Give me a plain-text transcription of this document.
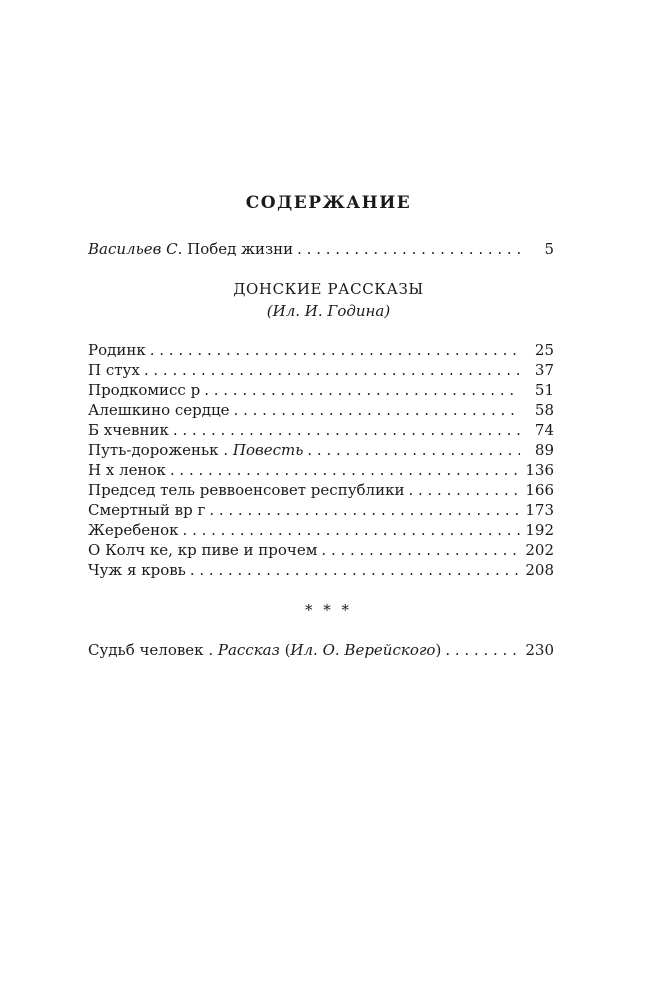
СОДЕРЖАНИЕ
Васильев С. Побед жизни . . .	5
ДОНСКИЕ РАССКАЗЫ
(Ил. И. Година)
Родинк . . .	25
П стух . . .	37
Продкомисс р . . .	51
Алешкино сердце . . .	58
Б хчевник . . .	74
Путь-дороженьк . Повесть . . .	89
Н х ленок . . .	136
Председ тель реввоенсовет республики . . .	166
Смертный вр г . . .	173
Жеребенок . . .	192
О Колч ке, кр пиве и прочем . . .	202
Чуж я кровь . . .	208
* * *
Судьб человек . Рассказ (Ил. О. Верейского) . . .	230
